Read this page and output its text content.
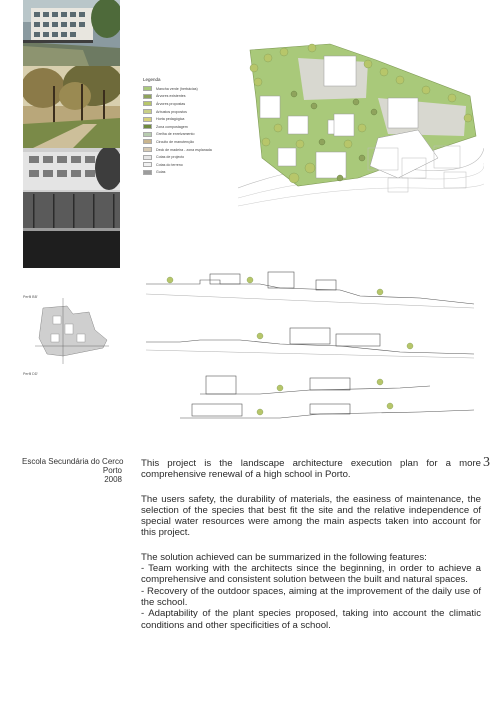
Legenda
Mancha verde (herbácias)
Árvores existentes
Árvores propostas
Arbustos propostos
Horta pedagógica
Zona compostagem
Grelha de enrelvamento
Circuito de manutenção
Deck de madeira - zona esplanada
Cotas de projecto
Cotas do terreno
Guias
Perfil BB'
Perfil DD'
Escola Secundária do Cerco
Porto
2008
3

This project is the landscape architecture execution plan for a more comprehensive renewal of a high school in Porto.

The users safety, the durability of materials, the easiness of maintenance, the selection of the species that best fit the site and the relative independence of special water resources were among the main aspects taken into account for this project.

The solution achieved can be summarized in the following features:

- Team working with the architects since the beginning, in order to achieve a comprehensive and consistent solution between the built and natural spaces.

- Recovery of the outdoor spaces, aiming at the improvement of the daily use of the school.

- Adaptability of the plant species proposed, taking into account the climatic conditions and other specificities of a school.
